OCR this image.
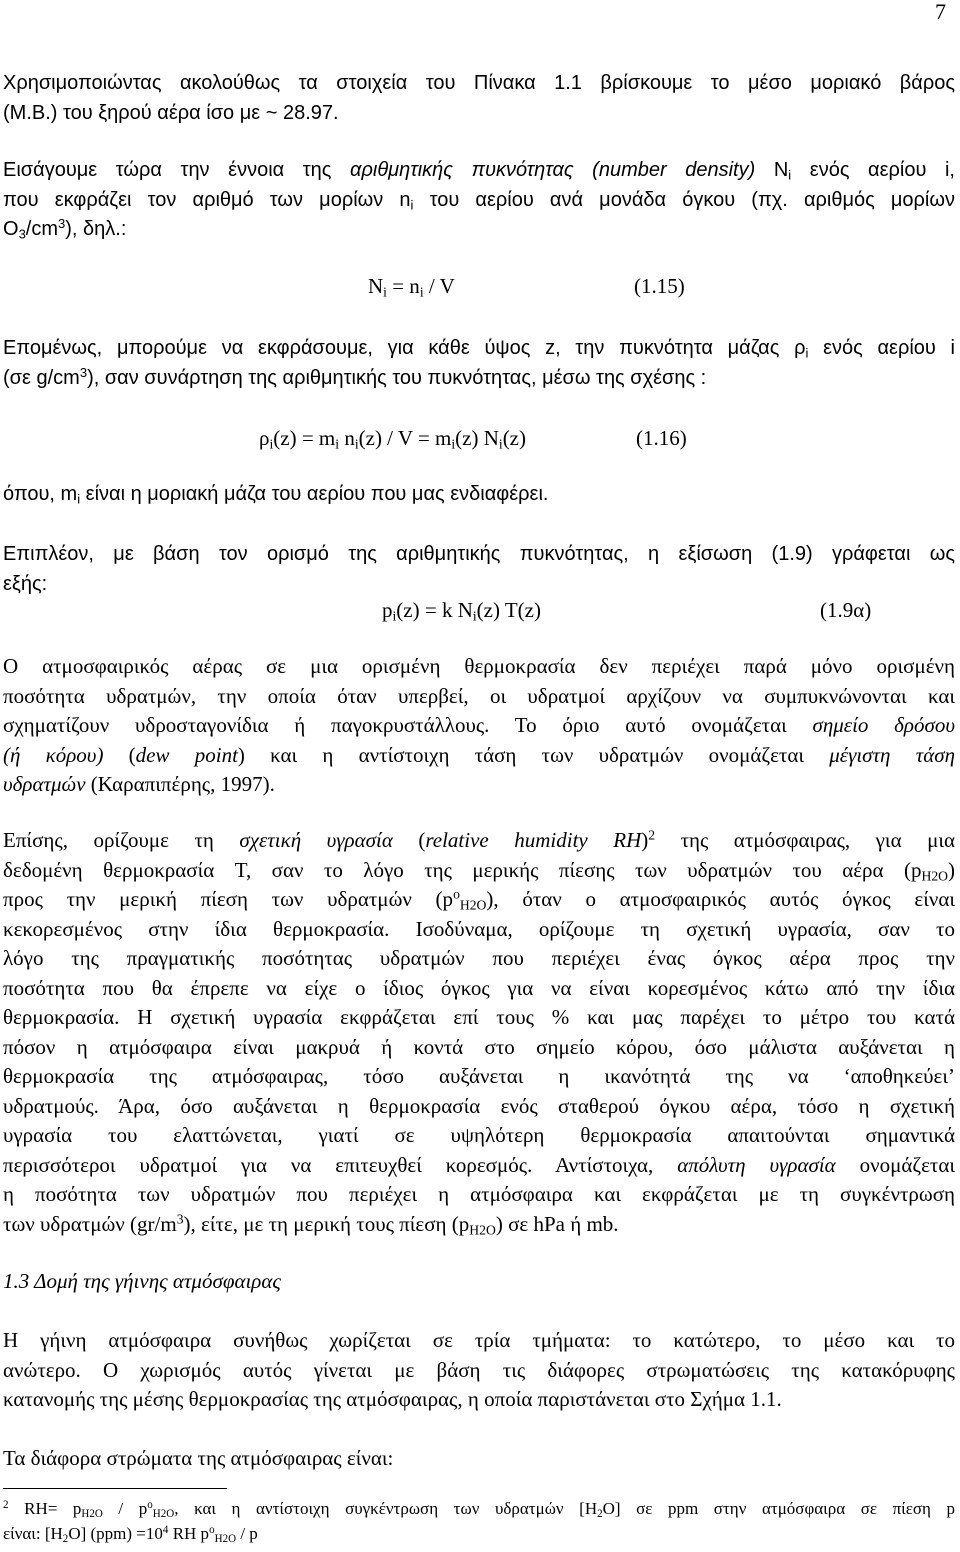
7
Χρησιμοποιώντας ακολούθως τα στοιχεία του Πίνακα 1.1 βρίσκουμε το μέσο μοριακό βάρος
(Μ.Β.) του ξηρού αέρα ίσο με ~ 28.97.
Εισάγουμε τώρα την έννοια της αριθμητικής πυκνότητας (number density) $N_i$ ενός αερίου i,
που εκφράζει τον αριθμό των μορίων $n_i$ του αερίου ανά μονάδα όγκου (πχ. αριθμός μορίων
$O_3/cm^3$), δηλ.:
$N_i = n_i / V$	(1.15)
Επομένως, μπορούμε να εκφράσουμε, για κάθε ύψος z, την πυκνότητα μάζας $\rho_i$ ενός αερίου i
(σε $g/cm^3$), σαν συνάρτηση της αριθμητικής του πυκνότητας, μέσω της σχέσης :
$\rho_i(z) = m_i$ $n_i(z) / V = m_i(z)$ $N_i(z)$	(1.16)
όπου, $m_i$ είναι η μοριακή μάζα του αερίου που μας ενδιαφέρει.
Επιπλέον, με βάση τον ορισμό της αριθμητικής πυκνότητας, η εξίσωση (1.9) γράφεται ως
εξής:
$p_i(z) = k$ $N_i(z)$ T(z)	(1.9α)
Ο ατμοσφαιρικός αέρας σε μια ορισμένη θερμοκρασία δεν περιέχει παρά μόνο ορισμένη
ποσότητα υδρατμών, την οποία όταν υπερβεί, οι υδρατμοί αρχίζουν να συμπυκνώνονται και
σχηματίζουν υδροσταγονίδια ή παγοκρυστάλλους. Το όριο αυτό ονομάζεται σημείο δρόσου
(ή κόρου) (dew point) και η αντίστοιχη τάση των υδρατμών ονομάζεται μέγιστη τάση
υδρατμών (Καραπιπέρης, 1997).
Επίσης, ορίζουμε τη σχετική υγρασία (relative humidity RH)$^2$ της ατμόσφαιρας, για μια
δεδομένη θερμοκρασία T, σαν το λόγο της μερικής πίεσης των υδρατμών του αέρα $(p_{H2O})$
προς την μερική πίεση των υδρατμών $(p^o_{H2O})$, όταν ο ατμοσφαιρικός αυτός όγκος είναι
κεκορεσμένος στην ίδια θερμοκρασία. Ισοδύναμα, ορίζουμε τη σχετική υγρασία, σαν το
λόγο της πραγματικής ποσότητας υδρατμών που περιέχει ένας όγκος αέρα προς την
ποσότητα που θα έπρεπε να είχε ο ίδιος όγκος για να είναι κορεσμένος κάτω από την ίδια
θερμοκρασία. Η σχετική υγρασία εκφράζεται επί τους % και μας παρέχει το μέτρο του κατά
πόσον η ατμόσφαιρα είναι μακρυά ή κοντά στο σημείο κόρου, όσο μάλιστα αυξάνεται η
θερμοκρασία της ατμόσφαιρας, τόσο αυξάνεται η ικανότητά της να ‘αποθηκεύει’
υδρατμούς. Άρα, όσο αυξάνεται η θερμοκρασία ενός σταθερού όγκου αέρα, τόσο η σχετική
υγρασία του ελαττώνεται, γιατί σε υψηλότερη θερμοκρασία απαιτούνται σημαντικά
περισσότεροι υδρατμοί για να επιτευχθεί κορεσμός. Αντίστοιχα, απόλυτη υγρασία ονομάζεται
η ποσότητα των υδρατμών που περιέχει η ατμόσφαιρα και εκφράζεται με τη συγκέντρωση
των υδρατμών $(gr/m^3)$, είτε, με τη μερική τους πίεση $(p_{H2O})$ σε hPa ή mb.
1.3 Δομή της γήινης ατμόσφαιρας
Η γήινη ατμόσφαιρα συνήθως χωρίζεται σε τρία τμήματα: το κατώτερο, το μέσο και το
ανώτερο. Ο χωρισμός αυτός γίνεται με βάση τις διάφορες στρωματώσεις της κατακόρυφης
κατανομής της μέσης θερμοκρασίας της ατμόσφαιρας, η οποία παριστάνεται στο Σχήμα 1.1.
Τα διάφορα στρώματα της ατμόσφαιρας είναι:
$^2$ $RH= p_{H2O} / p^o_{H2O}$, και η αντίστοιχη συγκέντρωση των υδρατμών $[H_2O]$ σε ppm στην ατμόσφαιρα σε πίεση p
είναι: $[H_2O]$ $(ppm) =10^4$ RH $p^o_{H2O}$ / p
